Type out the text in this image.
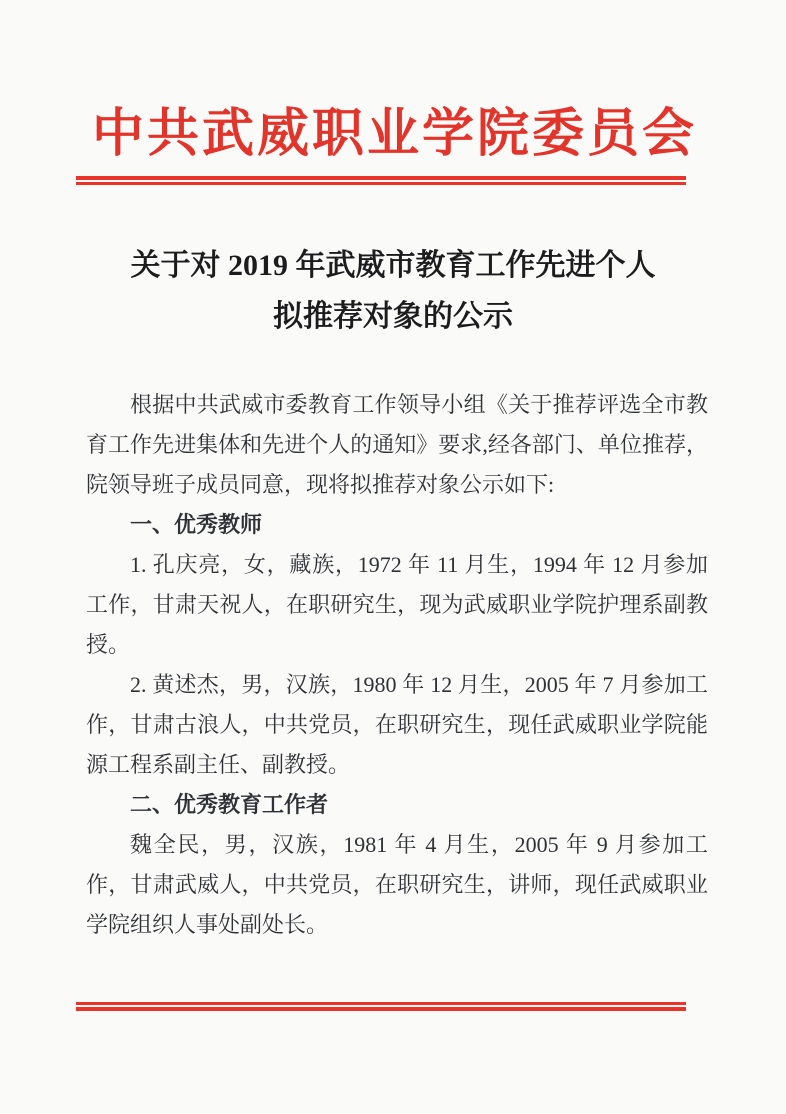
中共武威职业学院委员会
关于对 2019 年武威市教育工作先进个人
拟推荐对象的公示

根据中共武威市委教育工作领导小组《关于推荐评选全市教育工作先进集体和先进个人的通知》要求,经各部门、单位推荐，院领导班子成员同意，现将拟推荐对象公示如下:

一、优秀教师

1. 孔庆亮，女，藏族，1972 年 11 月生，1994 年 12 月参加工作，甘肃天祝人，在职研究生，现为武威职业学院护理系副教授。

2. 黄述杰，男，汉族，1980 年 12 月生，2005 年 7 月参加工作，甘肃古浪人，中共党员，在职研究生，现任武威职业学院能源工程系副主任、副教授。

二、优秀教育工作者

魏全民，男，汉族，1981 年 4 月生，2005 年 9 月参加工作，甘肃武威人，中共党员，在职研究生，讲师，现任武威职业学院组织人事处副处长。
